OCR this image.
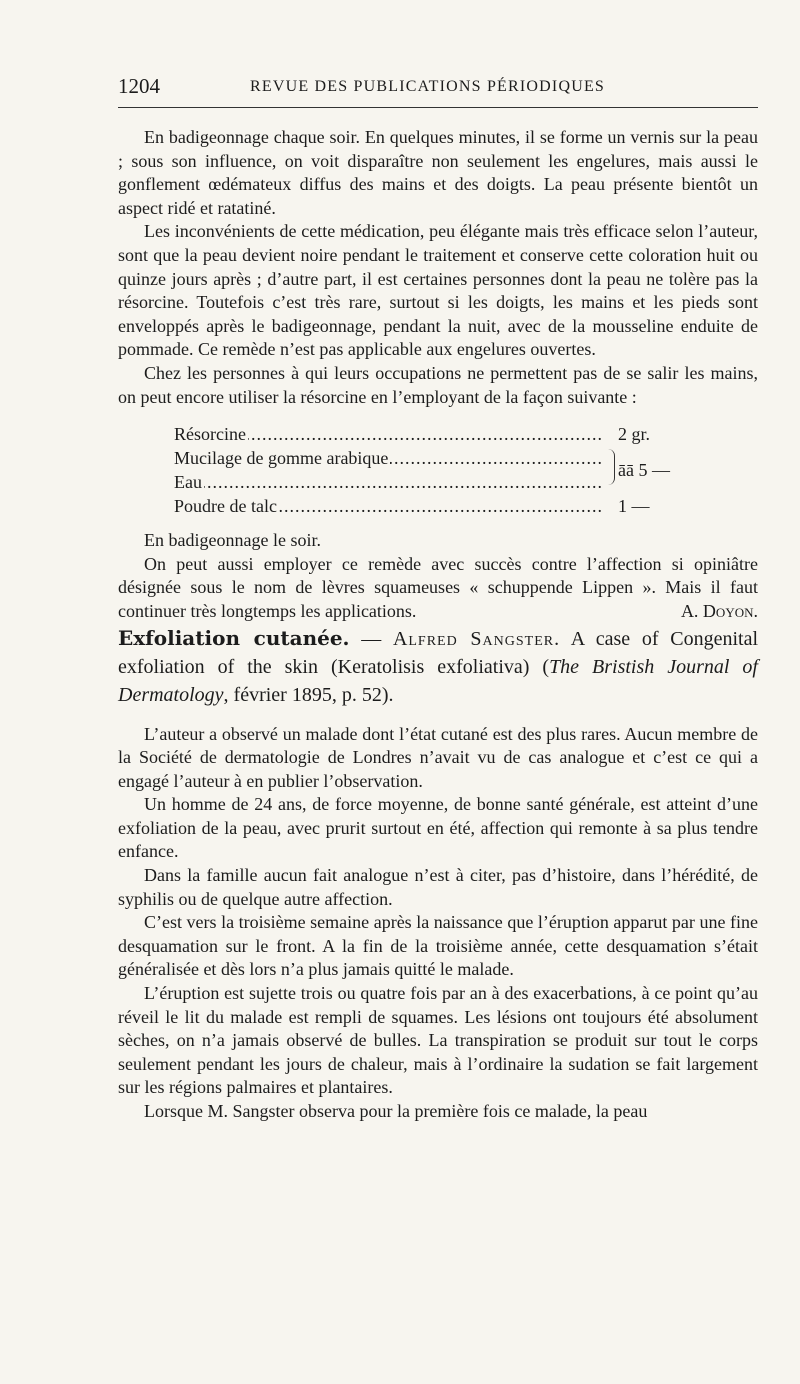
1204	REVUE DES PUBLICATIONS PÉRIODIQUES

En badigeonnage chaque soir. En quelques minutes, il se forme un vernis sur la peau ; sous son influence, on voit disparaître non seulement les engelures, mais aussi le gonflement œdémateux diffus des mains et des doigts. La peau présente bientôt un aspect ridé et ratatiné.

Les inconvénients de cette médication, peu élégante mais très efficace selon l’auteur, sont que la peau devient noire pendant le traitement et conserve cette coloration huit ou quinze jours après ; d’autre part, il est certaines personnes dont la peau ne tolère pas la résorcine. Toutefois c’est très rare, surtout si les doigts, les mains et les pieds sont enveloppés après le badigeonnage, pendant la nuit, avec de la mousseline enduite de pommade. Ce remède n’est pas applicable aux engelures ouvertes.

Chez les personnes à qui leurs occupations ne permettent pas de se salir les mains, on peut encore utiliser la résorcine en l’employant de la façon suivante :

Résorcine .....
Mucilage de gomme arabique .....
Eau .....
Poudre de talc .....
2 gr.
āā 5 —
1 —

En badigeonnage le soir.

On peut aussi employer ce remède avec succès contre l’affection si opiniâtre désignée sous le nom de lèvres squameuses « schuppende Lippen ». Mais il faut continuer très longtemps les applications.	A. Doyon.

Exfoliation cutanée. — Alfred Sangster. A case of Congenital exfoliation of the skin (Keratolisis exfoliativa) (The Bristish Journal of Dermatology, février 1895, p. 52).

L’auteur a observé un malade dont l’état cutané est des plus rares. Aucun membre de la Société de dermatologie de Londres n’avait vu de cas analogue et c’est ce qui a engagé l’auteur à en publier l’observation.

Un homme de 24 ans, de force moyenne, de bonne santé générale, est atteint d’une exfoliation de la peau, avec prurit surtout en été, affection qui remonte à sa plus tendre enfance.

Dans la famille aucun fait analogue n’est à citer, pas d’histoire, dans l’hérédité, de syphilis ou de quelque autre affection.

C’est vers la troisième semaine après la naissance que l’éruption apparut par une fine desquamation sur le front. A la fin de la troisième année, cette desquamation s’était généralisée et dès lors n’a plus jamais quitté le malade.

L’éruption est sujette trois ou quatre fois par an à des exacerbations, à ce point qu’au réveil le lit du malade est rempli de squames. Les lésions ont toujours été absolument sèches, on n’a jamais observé de bulles. La transpiration se produit sur tout le corps seulement pendant les jours de chaleur, mais à l’ordinaire la sudation se fait largement sur les régions palmaires et plantaires.

Lorsque M. Sangster observa pour la première fois ce malade, la peau
